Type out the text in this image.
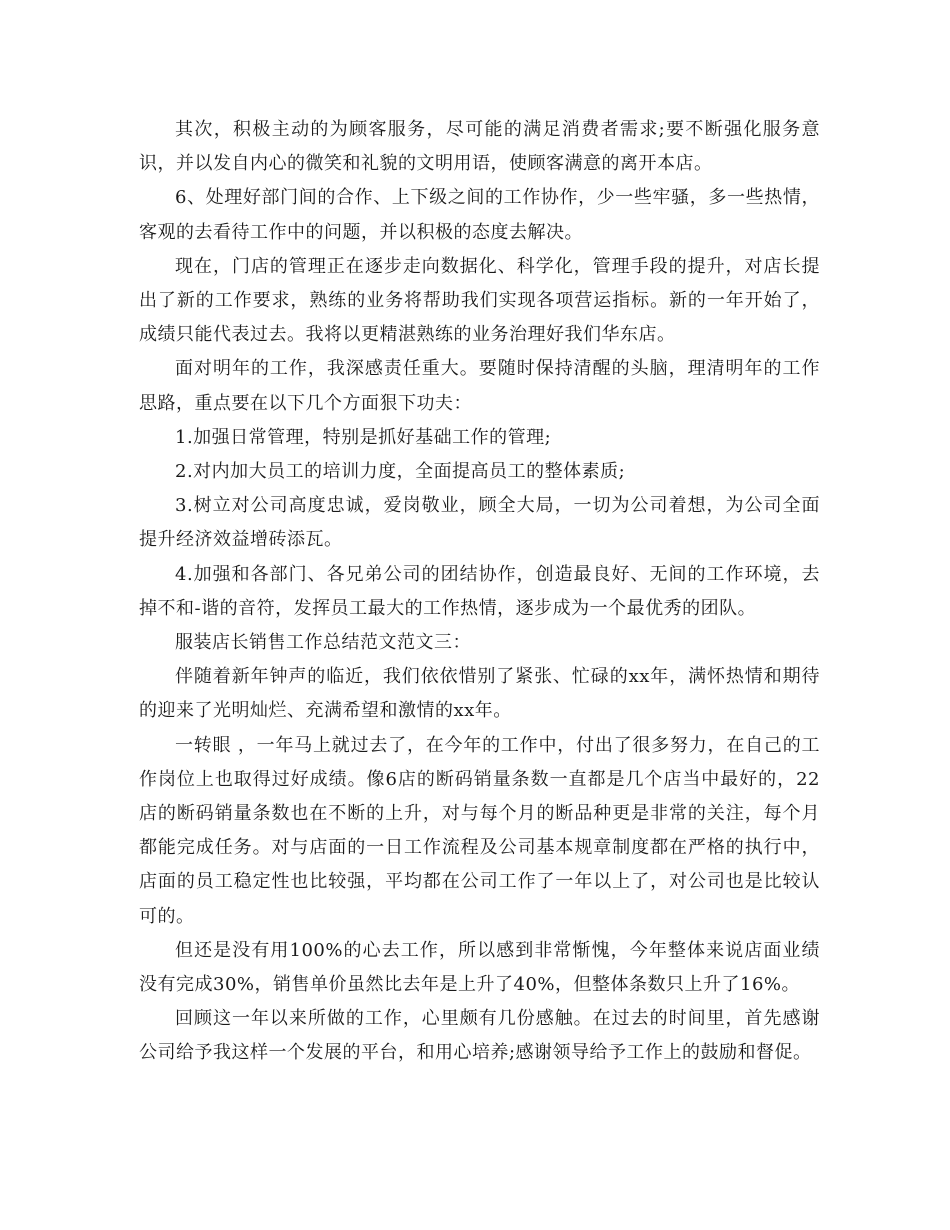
其次，积极主动的为顾客服务，尽可能的满足消费者需求;要不断强化服务意识，并以发自内心的微笑和礼貌的文明用语，使顾客满意的离开本店。

6、处理好部门间的合作、上下级之间的工作协作，少一些牢骚，多一些热情，客观的去看待工作中的问题，并以积极的态度去解决。

现在，门店的管理正在逐步走向数据化、科学化，管理手段的提升，对店长提出了新的工作要求，熟练的业务将帮助我们实现各项营运指标。新的一年开始了，成绩只能代表过去。我将以更精湛熟练的业务治理好我们华东店。

面对明年的工作，我深感责任重大。要随时保持清醒的头脑，理清明年的工作思路，重点要在以下几个方面狠下功夫：

1.加强日常管理，特别是抓好基础工作的管理;

2.对内加大员工的培训力度，全面提高员工的整体素质;

3.树立对公司高度忠诚，爱岗敬业，顾全大局，一切为公司着想，为公司全面提升经济效益增砖添瓦。

4.加强和各部门、各兄弟公司的团结协作，创造最良好、无间的工作环境，去掉不和-谐的音符，发挥员工最大的工作热情，逐步成为一个最优秀的团队。

服装店长销售工作总结范文范文三：

伴随着新年钟声的临近，我们依依惜别了紧张、忙碌的xx年，满怀热情和期待的迎来了光明灿烂、充满希望和激情的xx年。

一转眼 ，一年马上就过去了，在今年的工作中，付出了很多努力，在自己的工作岗位上也取得过好成绩。像6店的断码销量条数一直都是几个店当中最好的，22店的断码销量条数也在不断的上升，对与每个月的断品种更是非常的关注，每个月都能完成任务。对与店面的一日工作流程及公司基本规章制度都在严格的执行中，店面的员工稳定性也比较强，平均都在公司工作了一年以上了，对公司也是比较认可的。

但还是没有用100%的心去工作，所以感到非常惭愧，今年整体来说店面业绩没有完成30%，销售单价虽然比去年是上升了40%，但整体条数只上升了16%。

回顾这一年以来所做的工作，心里颇有几份感触。在过去的时间里，首先感谢公司给予我这样一个发展的平台，和用心培养;感谢领导给予工作上的鼓励和督促。
